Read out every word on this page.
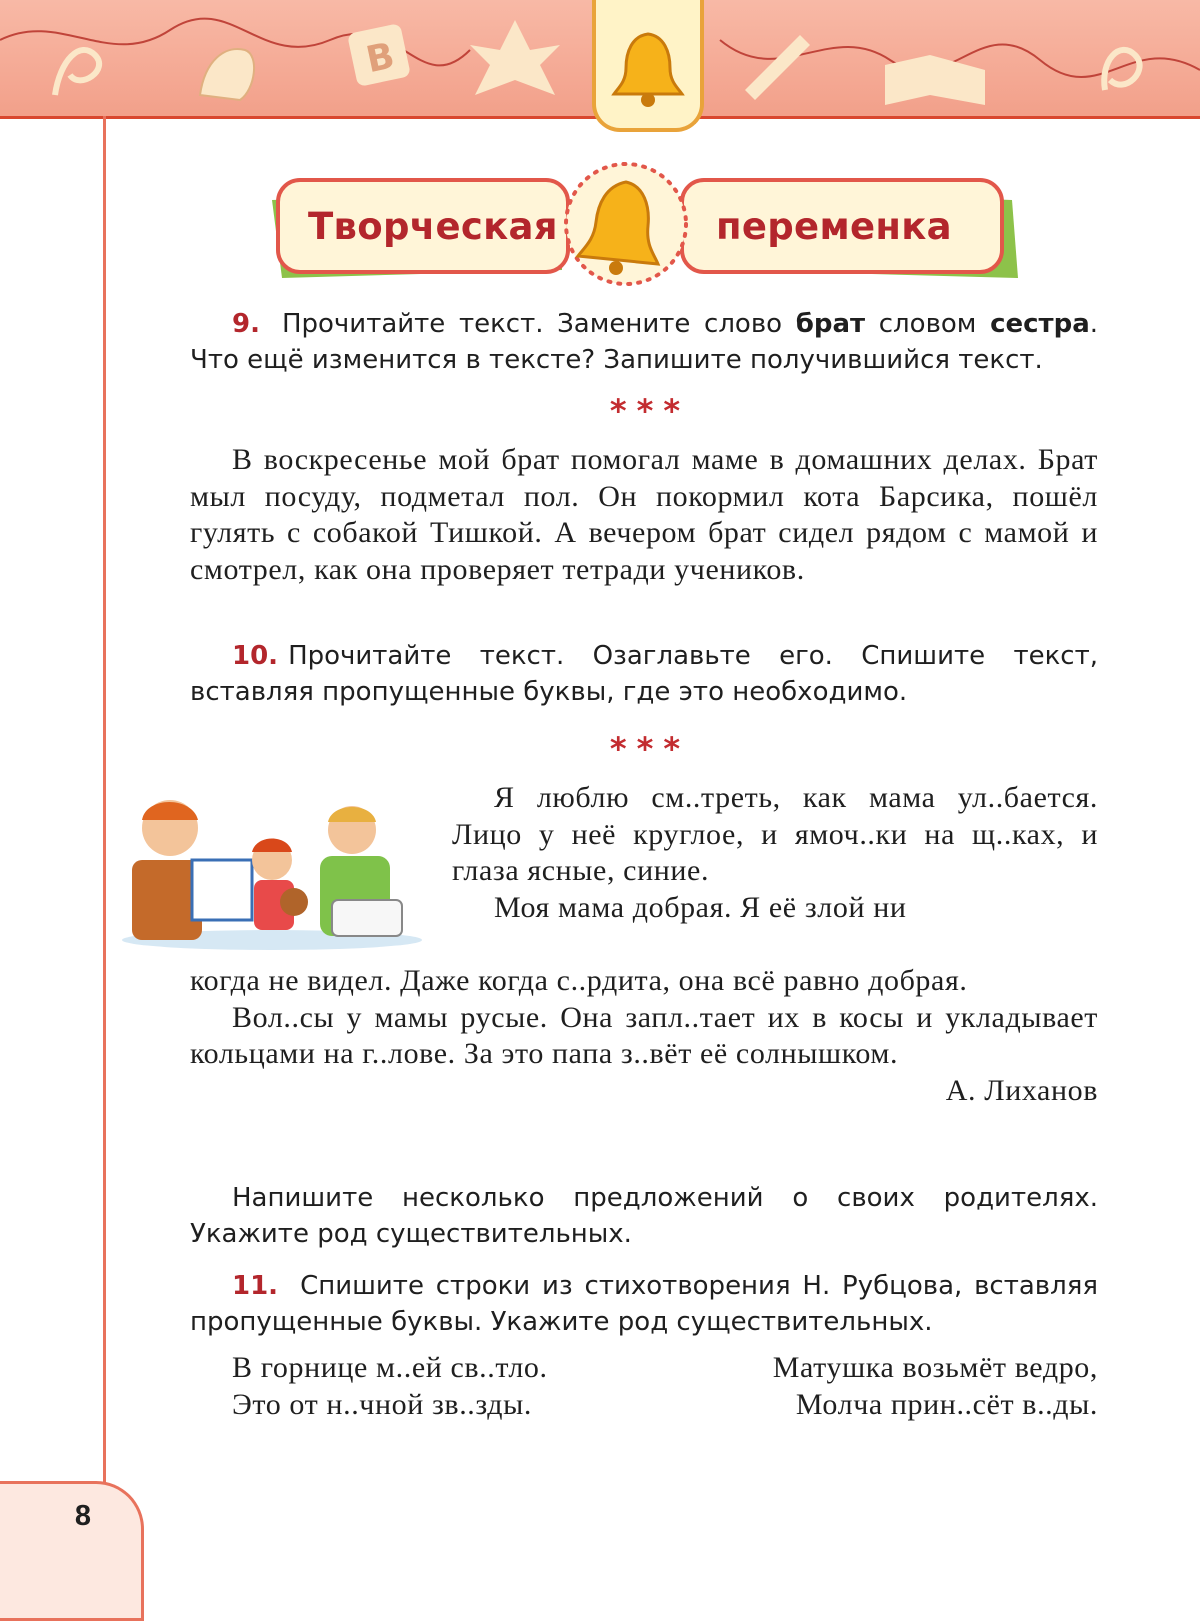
B
8
Творческая	переменка

9. Прочитайте текст. Замените слово брат словом сестра. Что ещё изменится в тексте? Запишите получившийся текст.

***

В воскресенье мой брат помогал маме в домашних делах. Брат мыл посуду, подметал пол. Он покормил кота Барсика, пошёл гулять с собакой Тишкой. А вечером брат сидел рядом с мамой и смотрел, как она проверяет тетради учеников.

10. Прочитайте текст. Озаглавьте его. Спишите текст, вставляя пропущенные буквы, где это необходимо.

***

Я люблю см..треть, как мама ул..бается. Лицо у неё круглое, и ямоч..ки на щ..ках, и глаза ясные, синие.

Моя мама добрая. Я её злой ни

когда не видел. Даже когда с..рдита, она всё равно добрая.

Вол..сы у мамы русые. Она запл..тает их в косы и укладывает кольцами на г..лове. За это папа з..вёт её солнышком.

А. Лиханов

Напишите несколько предложений о своих родителях. Укажите род существительных.

11. Спишите строки из стихотворения Н. Рубцова, вставляя пропущенные буквы. Укажите род существительных.

В горнице м..ей св..тло.	Матушка возьмёт ведро,
Это от н..чной зв..зды.	Молча прин..сёт в..ды.
